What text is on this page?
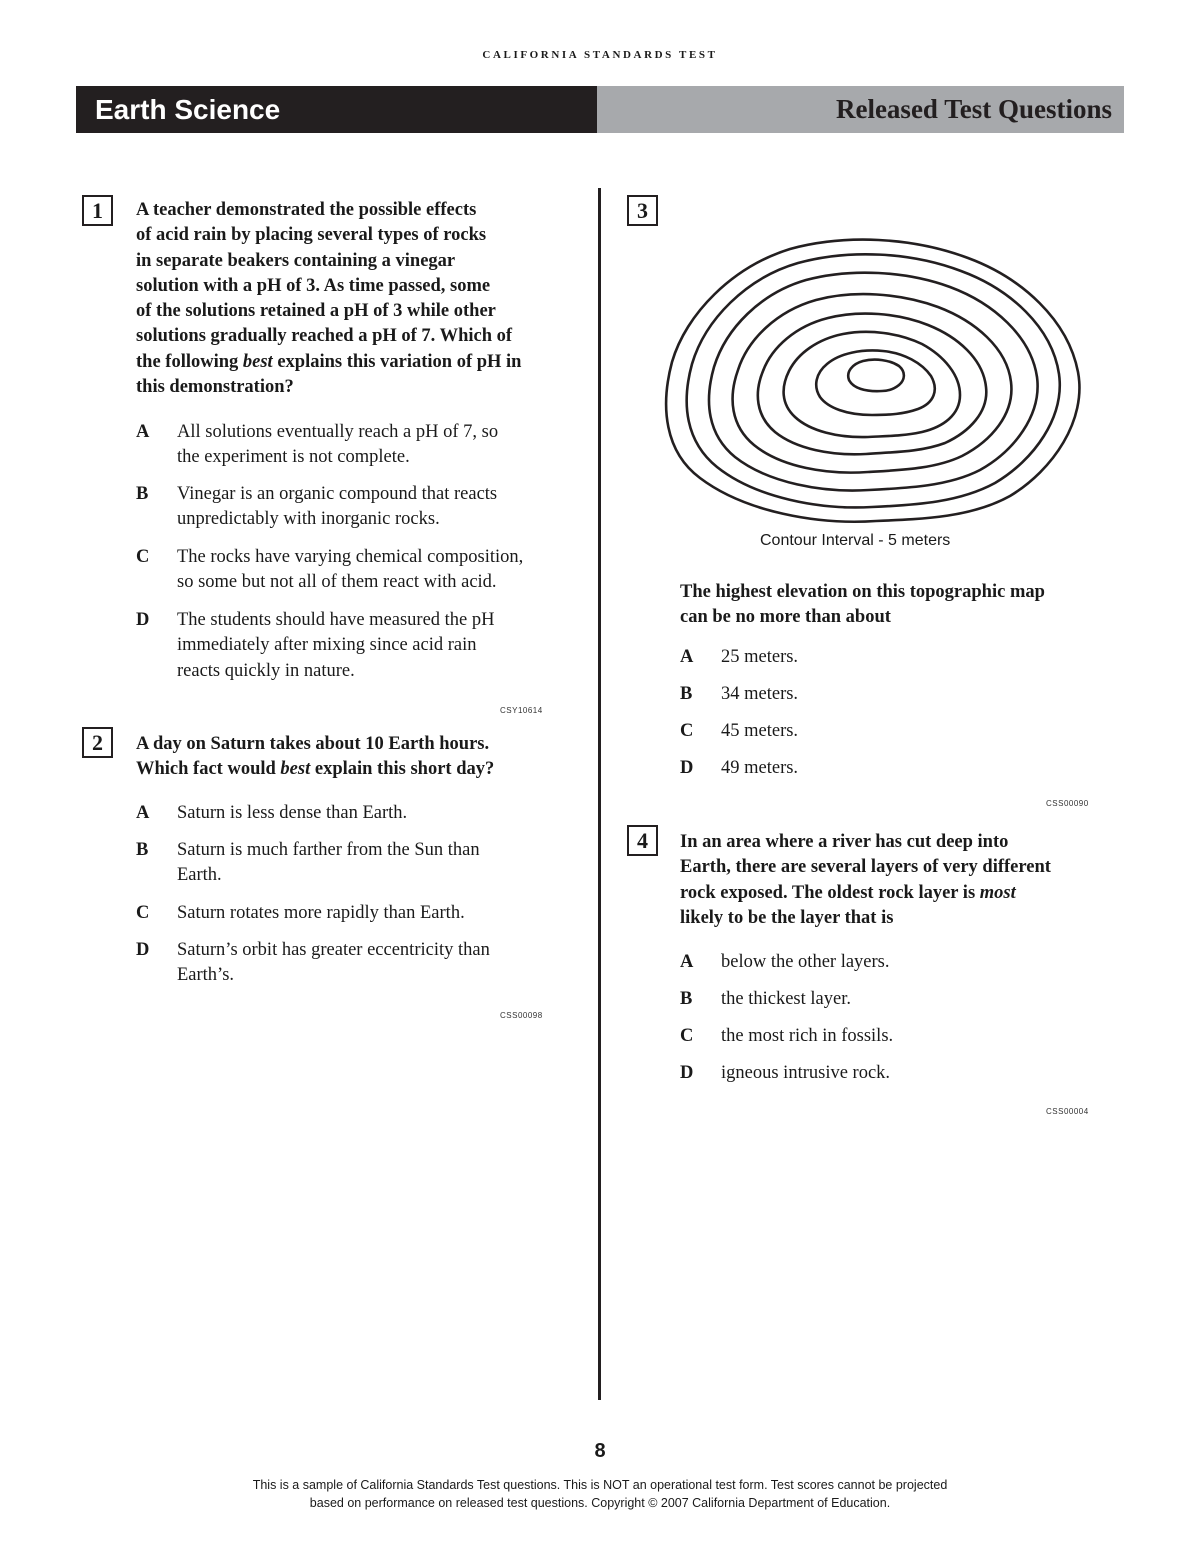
CALIFORNIA STANDARDS TEST
Earth Science	Released Test Questions
1	A teacher demonstrated the possible effects
of acid rain by placing several types of rocks
in separate beakers containing a vinegar
solution with a pH of 3. As time passed, some
of the solutions retained a pH of 3 while other
solutions gradually reached a pH of 7. Which of
the following best explains this variation of pH in
this demonstration?
A	All solutions eventually reach a pH of 7, so
the experiment is not complete.
B	Vinegar is an organic compound that reacts
unpredictably with inorganic rocks.
C	The rocks have varying chemical composition,
so some but not all of them react with acid.
D	The students should have measured the pH
immediately after mixing since acid rain
reacts quickly in nature.
CSY10614
2	A day on Saturn takes about 10 Earth hours.
Which fact would best explain this short day?
A	Saturn is less dense than Earth.
B	Saturn is much farther from the Sun than
Earth.
C	Saturn rotates more rapidly than Earth.
D	Saturn’s orbit has greater eccentricity than
Earth’s.
CSS00098
3
Contour Interval - 5 meters
The highest elevation on this topographic map
can be no more than about
A	25 meters.
B	34 meters.
C	45 meters.
D	49 meters.
CSS00090
4	In an area where a river has cut deep into
Earth, there are several layers of very different
rock exposed. The oldest rock layer is most
likely to be the layer that is
A	below the other layers.
B	the thickest layer.
C	the most rich in fossils.
D	igneous intrusive rock.
CSS00004
8
This is a sample of California Standards Test questions. This is NOT an operational test form. Test scores cannot be projected
based on performance on released test questions. Copyright © 2007 California Department of Education.
